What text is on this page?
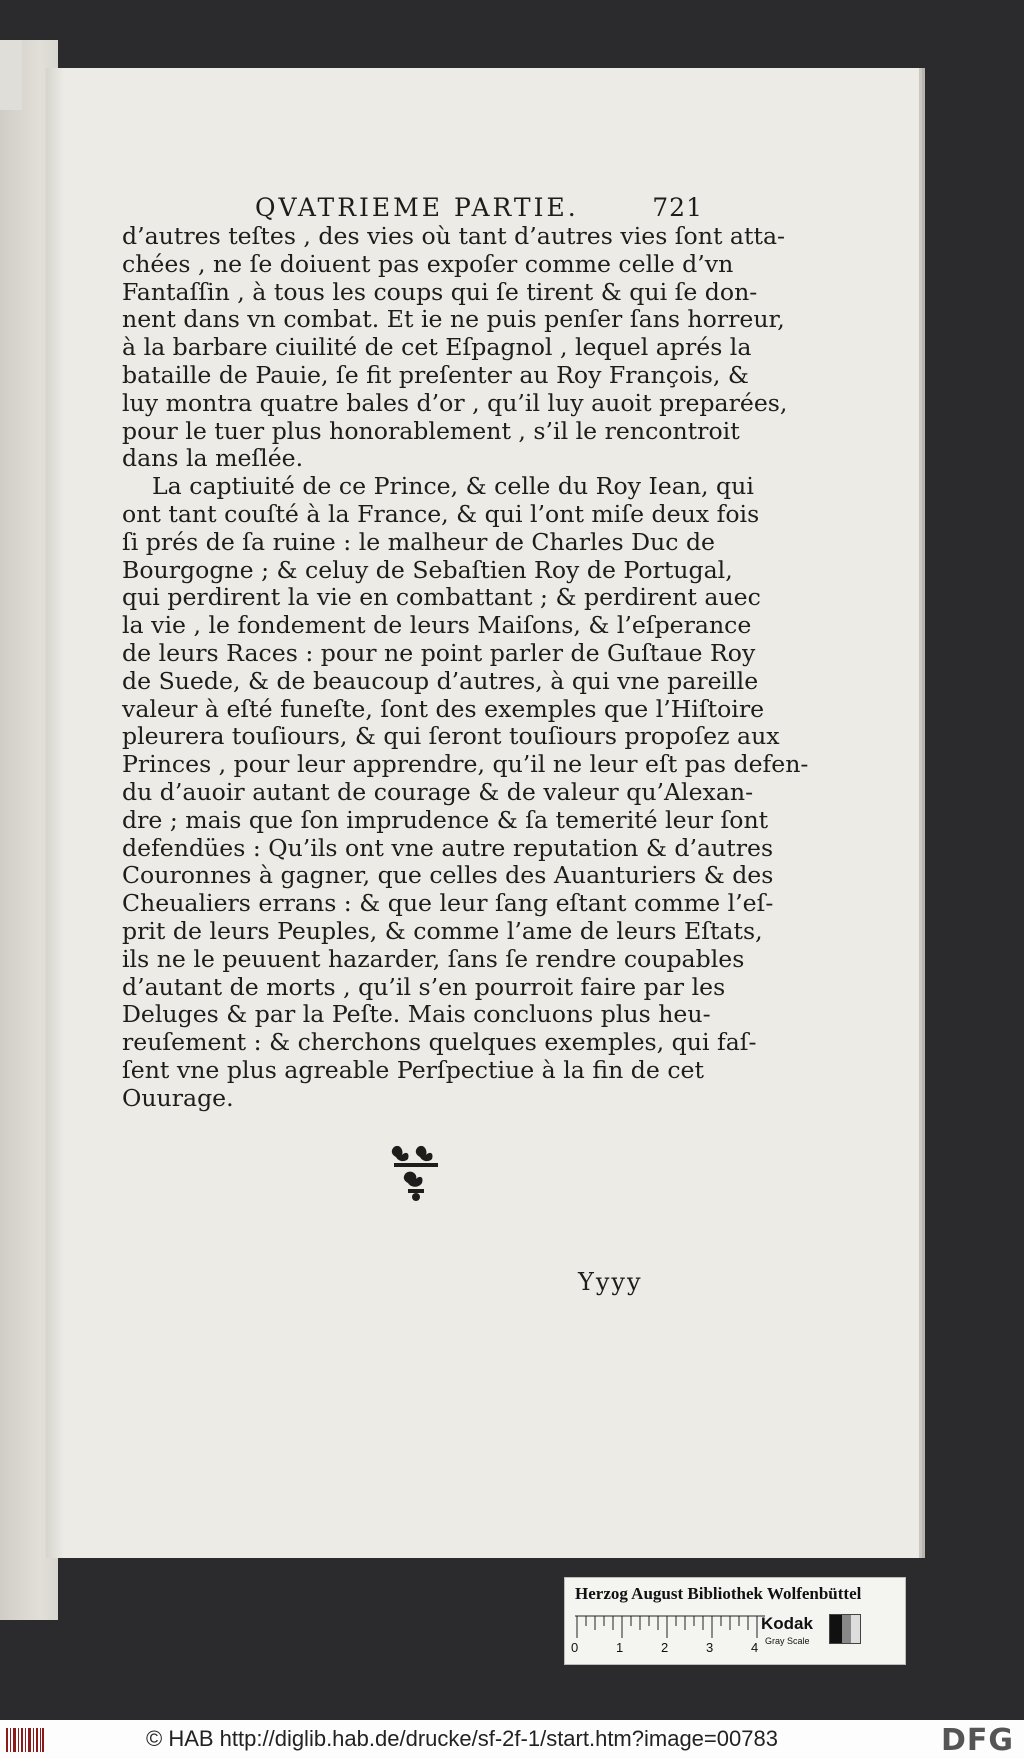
QVATRIEME PARTIE.	721
d’autres teſtes , des vies où tant d’autres vies ſont atta-
chées , ne ſe doiuent pas expoſer comme celle d’vn
Fantaſſin , à tous les coups qui ſe tirent & qui ſe don-
nent dans vn combat. Et ie ne puis penſer ſans horreur,
à la barbare ciuilité de cet Eſpagnol , lequel aprés la
bataille de Pauie, ſe fit preſenter au Roy François, &
luy montra quatre bales d’or , qu’il luy auoit preparées,
pour le tuer plus honorablement , s’il le rencontroit
dans la meſlée.
La captiuité de ce Prince, & celle du Roy Iean, qui
ont tant couſté à la France, & qui l’ont miſe deux fois
ſi prés de ſa ruine : le malheur de Charles Duc de
Bourgogne ; & celuy de Sebaſtien Roy de Portugal,
qui perdirent la vie en combattant ; & perdirent auec
la vie , le fondement de leurs Maiſons, & l’eſperance
de leurs Races : pour ne point parler de Guſtaue Roy
de Suede, & de beaucoup d’autres, à qui vne pareille
valeur à eſté funeſte, ſont des exemples que l’Hiſtoire
pleurera touſiours, & qui ſeront touſiours propoſez aux
Princes , pour leur apprendre, qu’il ne leur eſt pas defen-
du d’auoir autant de courage & de valeur qu’Alexan-
dre ; mais que ſon imprudence & ſa temerité leur ſont
defendües : Qu’ils ont vne autre reputation & d’autres
Couronnes à gagner, que celles des Auanturiers & des
Cheualiers errans : & que leur ſang eſtant comme l’eſ-
prit de leurs Peuples, & comme l’ame de leurs Eſtats,
ils ne le peuuent hazarder, ſans ſe rendre coupables
d’autant de morts , qu’il s’en pourroit faire par les
Deluges & par la Peſte. Mais concluons plus heu-
reuſement : & cherchons quelques exemples, qui faſ-
ſent vne plus agreable Perſpectiue à la fin de cet
Ouurage.
Yyyy
Herzog August Bibliothek Wolfenbüttel
0	1	2	3	4
Kodak
Gray Scale
© HAB http://diglib.hab.de/drucke/sf-2f-1/start.htm?image=00783	DFG
